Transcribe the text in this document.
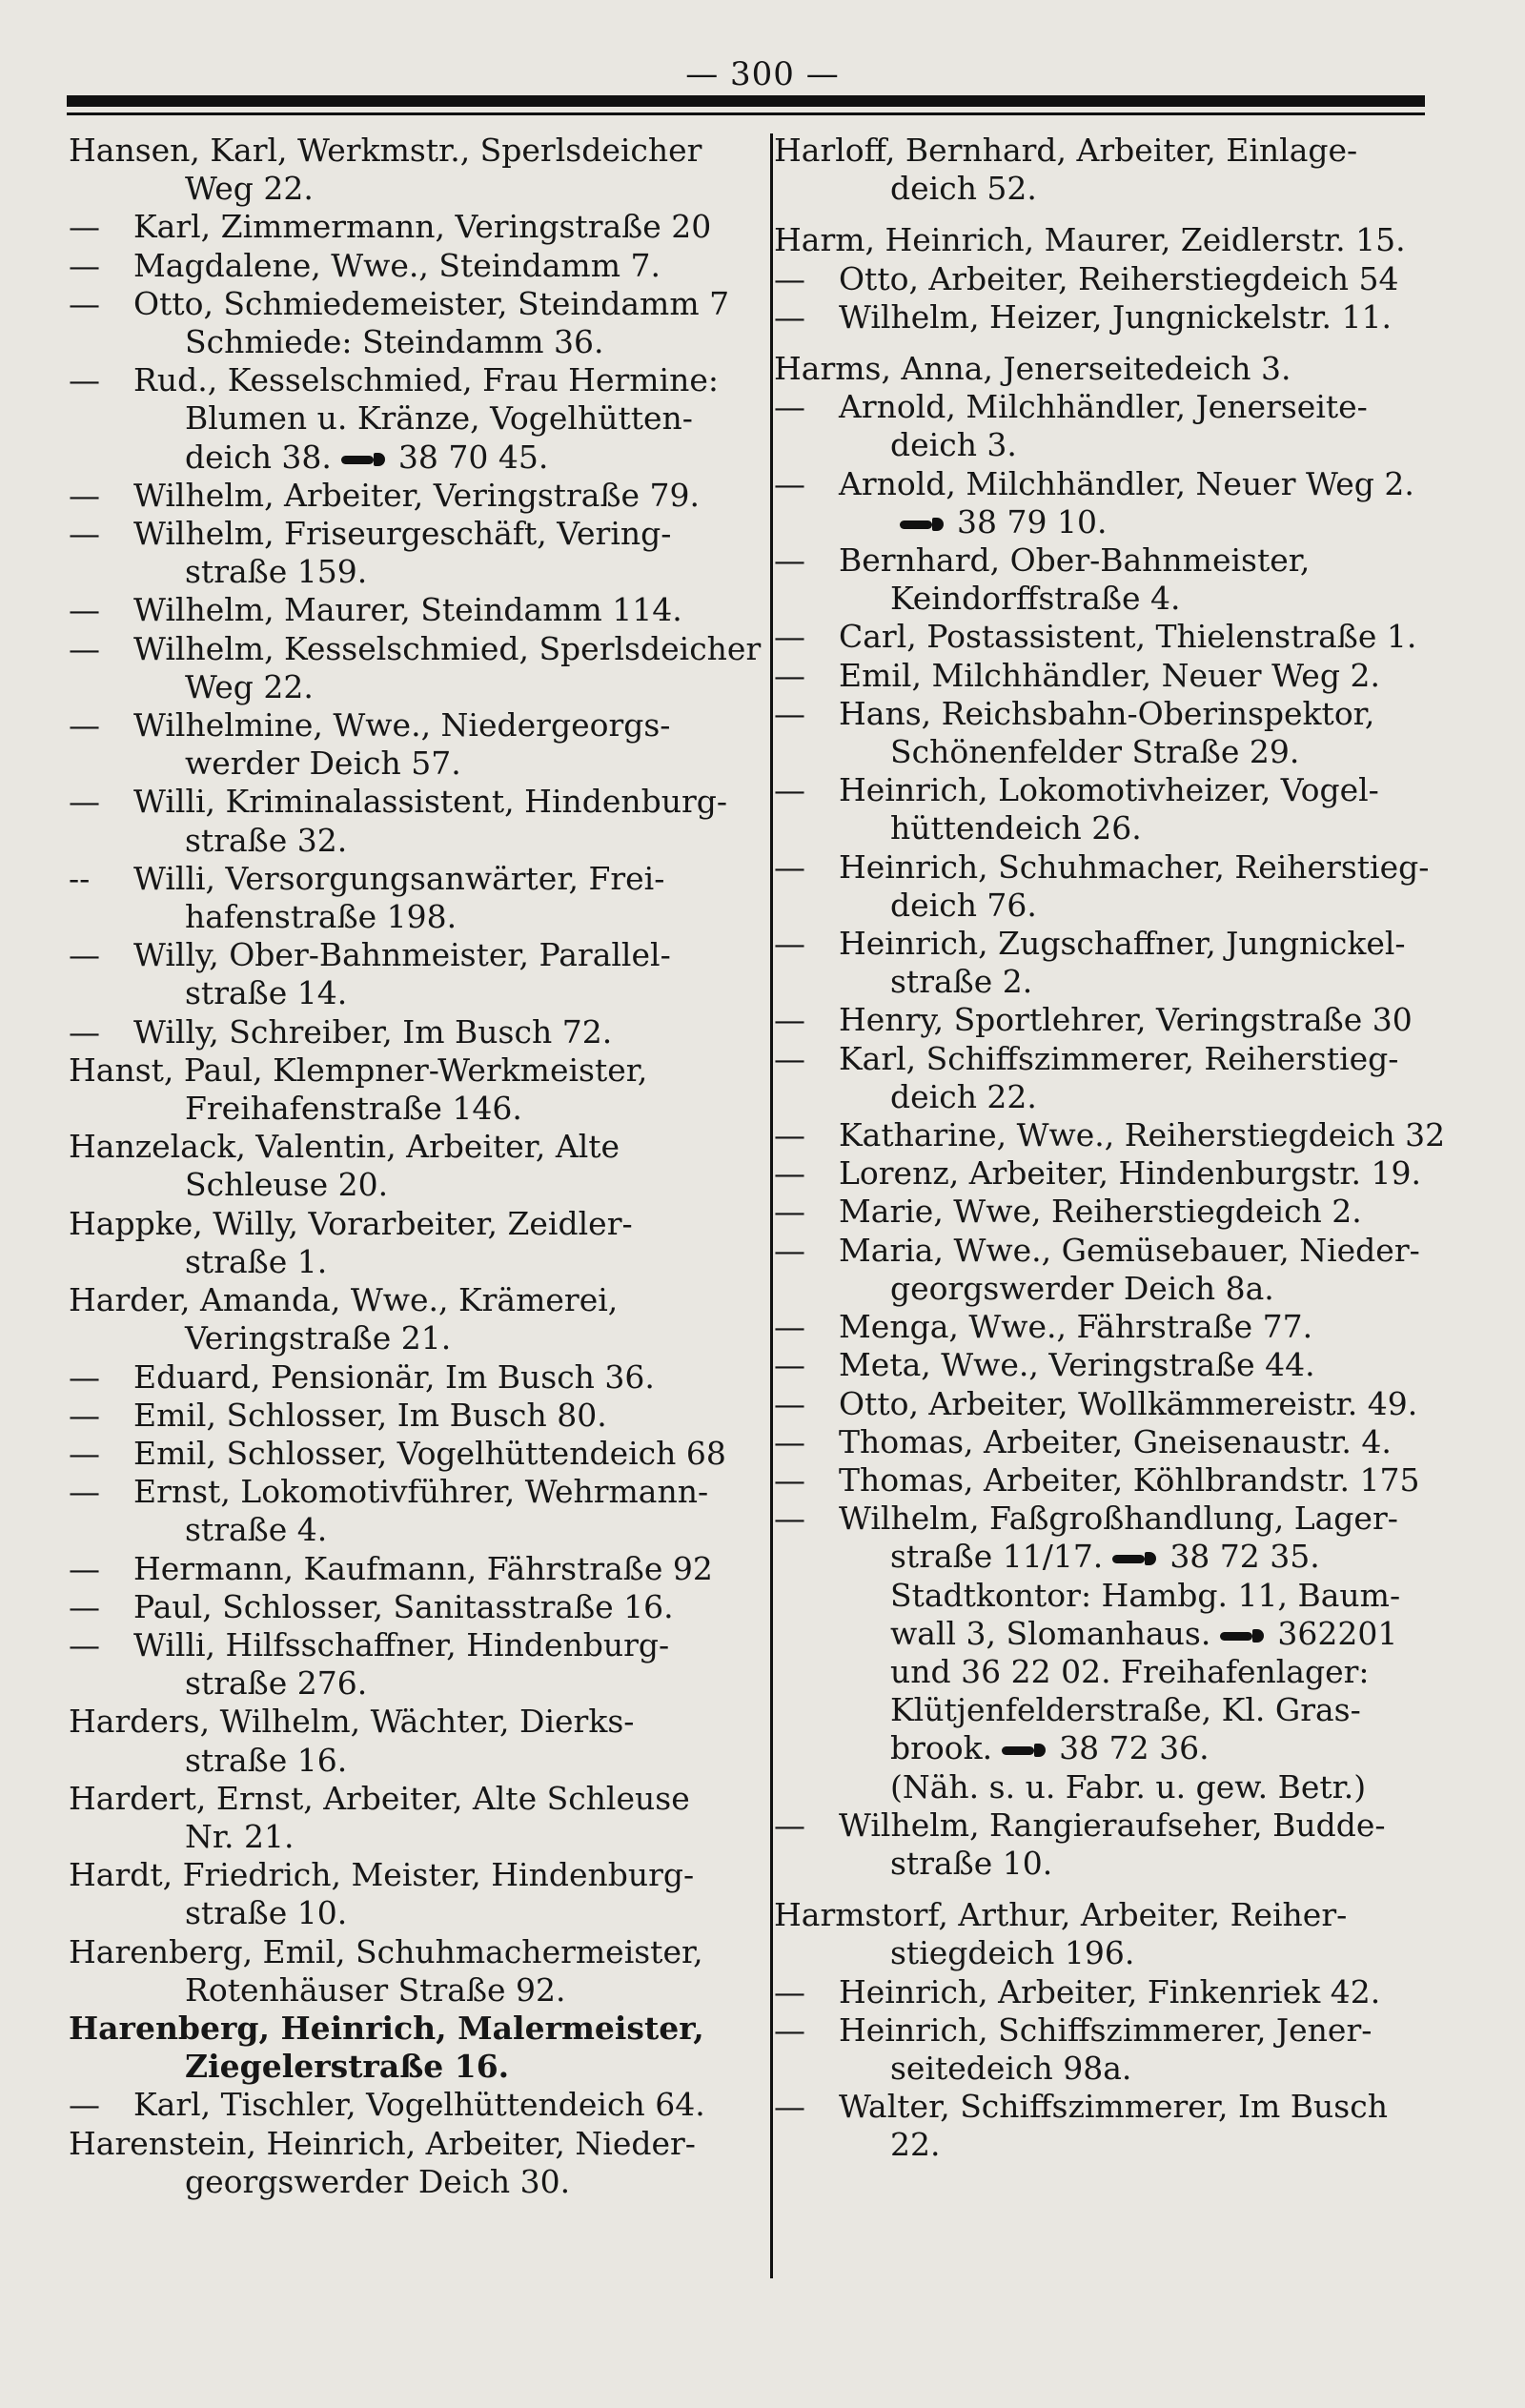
— 300 —
Hansen, Karl, Werkmstr., Sperlsdeicher
Weg 22.
— Karl, Zimmermann, Veringstraße 20
— Magdalene, Wwe., Steindamm 7.
— Otto, Schmiedemeister, Steindamm 7
Schmiede: Steindamm 36.
— Rud., Kesselschmied, Frau Hermine:
Blumen u. Kränze, Vogelhütten-
deich 38. 38 70 45.
— Wilhelm, Arbeiter, Veringstraße 79.
— Wilhelm, Friseurgeschäft, Vering-
straße 159.
— Wilhelm, Maurer, Steindamm 114.
— Wilhelm, Kesselschmied, Sperlsdeicher
Weg 22.
— Wilhelmine, Wwe., Niedergeorgs-
werder Deich 57.
— Willi, Kriminalassistent, Hindenburg-
straße 32.
-- Willi, Versorgungsanwärter, Frei-
hafenstraße 198.
— Willy, Ober-Bahnmeister, Parallel-
straße 14.
— Willy, Schreiber, Im Busch 72.
Hanst, Paul, Klempner-Werkmeister,
Freihafenstraße 146.
Hanzelack, Valentin, Arbeiter, Alte
Schleuse 20.
Happke, Willy, Vorarbeiter, Zeidler-
straße 1.
Harder, Amanda, Wwe., Krämerei,
Veringstraße 21.
— Eduard, Pensionär, Im Busch 36.
— Emil, Schlosser, Im Busch 80.
— Emil, Schlosser, Vogelhüttendeich 68
— Ernst, Lokomotivführer, Wehrmann-
straße 4.
— Hermann, Kaufmann, Fährstraße 92
— Paul, Schlosser, Sanitasstraße 16.
— Willi, Hilfsschaffner, Hindenburg-
straße 276.
Harders, Wilhelm, Wächter, Dierks-
straße 16.
Hardert, Ernst, Arbeiter, Alte Schleuse
Nr. 21.
Hardt, Friedrich, Meister, Hindenburg-
straße 10.
Harenberg, Emil, Schuhmachermeister,
Rotenhäuser Straße 92.
Harenberg, Heinrich, Malermeister,
Ziegelerstraße 16.
— Karl, Tischler, Vogelhüttendeich 64.
Harenstein, Heinrich, Arbeiter, Nieder-
georgswerder Deich 30.
Harloff, Bernhard, Arbeiter, Einlage-
deich 52.
Harm, Heinrich, Maurer, Zeidlerstr. 15.
— Otto, Arbeiter, Reiherstiegdeich 54
— Wilhelm, Heizer, Jungnickelstr. 11.
Harms, Anna, Jenerseitedeich 3.
— Arnold, Milchhändler, Jenerseite-
deich 3.
— Arnold, Milchhändler, Neuer Weg 2.
38 79 10.
— Bernhard, Ober-Bahnmeister,
Keindorffstraße 4.
— Carl, Postassistent, Thielenstraße 1.
— Emil, Milchhändler, Neuer Weg 2.
— Hans, Reichsbahn-Oberinspektor,
Schönenfelder Straße 29.
— Heinrich, Lokomotivheizer, Vogel-
hüttendeich 26.
— Heinrich, Schuhmacher, Reiherstieg-
deich 76.
— Heinrich, Zugschaffner, Jungnickel-
straße 2.
— Henry, Sportlehrer, Veringstraße 30
— Karl, Schiffszimmerer, Reiherstieg-
deich 22.
— Katharine, Wwe., Reiherstiegdeich 32
— Lorenz, Arbeiter, Hindenburgstr. 19.
— Marie, Wwe, Reiherstiegdeich 2.
— Maria, Wwe., Gemüsebauer, Nieder-
georgswerder Deich 8a.
— Menga, Wwe., Fährstraße 77.
— Meta, Wwe., Veringstraße 44.
— Otto, Arbeiter, Wollkämmereistr. 49.
— Thomas, Arbeiter, Gneisenaustr. 4.
— Thomas, Arbeiter, Köhlbrandstr. 175
— Wilhelm, Faßgroßhandlung, Lager-
straße 11/17. 38 72 35.
Stadtkontor: Hambg. 11, Baum-
wall 3, Slomanhaus. 362201
und 36 22 02. Freihafenlager:
Klütjenfelderstraße, Kl. Gras-
brook. 38 72 36.
(Näh. s. u. Fabr. u. gew. Betr.)
— Wilhelm, Rangieraufseher, Budde-
straße 10.
Harmstorf, Arthur, Arbeiter, Reiher-
stiegdeich 196.
— Heinrich, Arbeiter, Finkenriek 42.
— Heinrich, Schiffszimmerer, Jener-
seitedeich 98a.
— Walter, Schiffszimmerer, Im Busch
22.
